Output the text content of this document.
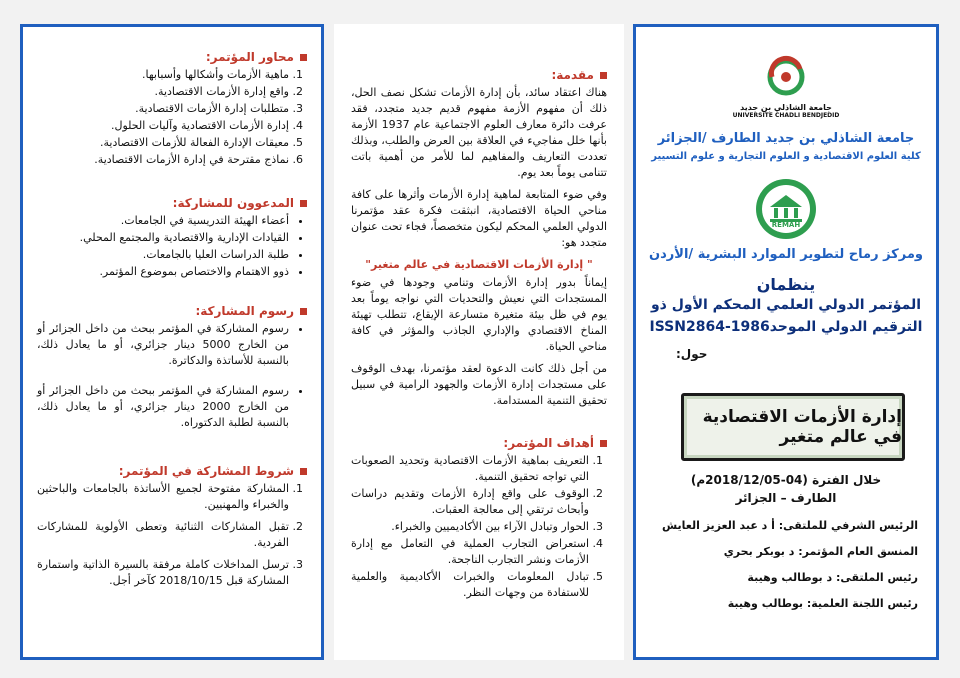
محاور المؤتمر:
1. ماهية الأزمات وأشكالها وأسبابها.
2. واقع إدارة الأزمات الاقتصادية.
3. متطلبات إدارة الأزمات الاقتصادية.
4. إدارة الأزمات الاقتصادية وآليات الحلول.
5. معيقات الإدارة الفعالة للأزمات الاقتصادية.
6. نماذج مقترحة في إدارة الأزمات الاقتصادية.
المدعوون للمشاركة:
• أعضاء الهيئة التدريسية في الجامعات.
• القيادات الإدارية والاقتصادية والمجتمع المحلي.
• طلبة الدراسات العليا بالجامعات.
• ذوو الاهتمام والاختصاص بموضوع المؤتمر.
رسوم المشاركة:
• رسوم المشاركة في المؤتمر ببحث من داخل الجزائر أو من الخارج 5000 دينار جزائري، أو ما يعادل ذلك، بالنسبة للأساتذة والدكاترة.
• رسوم المشاركة في المؤتمر ببحث من داخل الجزائر أو من الخارج 2000 دينار جزائري، أو ما يعادل ذلك، بالنسبة لطلبة الدكتوراه.
شروط المشاركة في المؤتمر:
1. المشاركة مفتوحة لجميع الأساتذة بالجامعات والباحثين والخبراء والمهنيين.
2. تقبل المشاركات الثنائية وتعطى الأولوية للمشاركات الفردية.
3. ترسل المداخلات كاملة مرفقة بالسيرة الذاتية واستمارة المشاركة قبل 2018/10/15 كآخر أجل.
مقدمة:
هناك اعتقاد سائد، بأن إدارة الأزمات تشكل نصف الحل، ذلك أن مفهوم الأزمة مفهوم قديم جديد متجدد، فقد عرفت دائرة معارف العلوم الاجتماعية عام 1937 الأزمة بأنها خلل مفاجيء في العلاقة بين العرض والطلب، وبذلك تعددت التعاريف والمفاهيم لما للأمر من أهمية باتت تتنامى يوماً بعد يوم.
وفي ضوء المتابعة لماهية إدارة الأزمات وأثرها على كافة مناحي الحياة الاقتصادية، انبثقت فكرة عقد مؤتمرنا الدولي العلمي المحكم ليكون متخصصاً، فجاء تحت عنوان متجدد هو:
" إدارة الأزمات الاقتصادية في عالم متغير"
إيماناً بدور إدارة الأزمات وتنامي وجودها في ضوء المستجدات التي نعيش والتحديات التي نواجه يوماً بعد يوم في ظل بيئة متغيرة متسارعة الإيقاع، تتطلب تهيئة المناخ الاقتصادي والإداري الجاذب والمؤثر في كافة مناحي الحياة.
من أجل ذلك كانت الدعوة لعقد مؤتمرنا، بهدف الوقوف على مستجدات إدارة الأزمات والجهود الرامية في سبيل تحقيق التنمية المستدامة.
أهداف المؤتمر:
1. التعريف بماهية الأزمات الاقتصادية وتحديد الصعوبات التي تواجه تحقيق التنمية.
2. الوقوف على واقع إدارة الأزمات وتقديم دراسات وأبحاث ترتقي إلى معالجة العقبات.
3. الحوار وتبادل الآراء بين الأكاديميين والخبراء.
4. استعراض التجارب العملية في التعامل مع إدارة الأزمات ونشر التجارب الناجحة.
5. تبادل المعلومات والخبرات الأكاديمية والعلمية للاستفادة من وجهات النظر.
جامعة الشاذلي بن جديد
UNIVERSITE CHADLI BENDJEDID
جامعة الشاذلي بن جديد الطارف /الجزائر
كلية العلوم الاقتصادية و العلوم التجارية و علوم التسيير
REMAH
ومركز رماح لتطوير الموارد البشرية /الأردن
ينظمان
المؤتمر الدولي العلمي المحكم الأول ذو
الترقيم الدولي الموحدISSN2864-1986
حول:
إدارة الأزمات الاقتصادية في عالم متغير
خلال الفترة (04-2018/12/05م)
الطارف – الجزائر
الرئيس الشرفي للملتقى: أ د عبد العزيز العايش
المنسق العام المؤتمر: د بوبكر بحري
رئيس الملتقى: د بوطالب وهيبة
رئيس اللجنة العلمية: بوطالب وهيبة
